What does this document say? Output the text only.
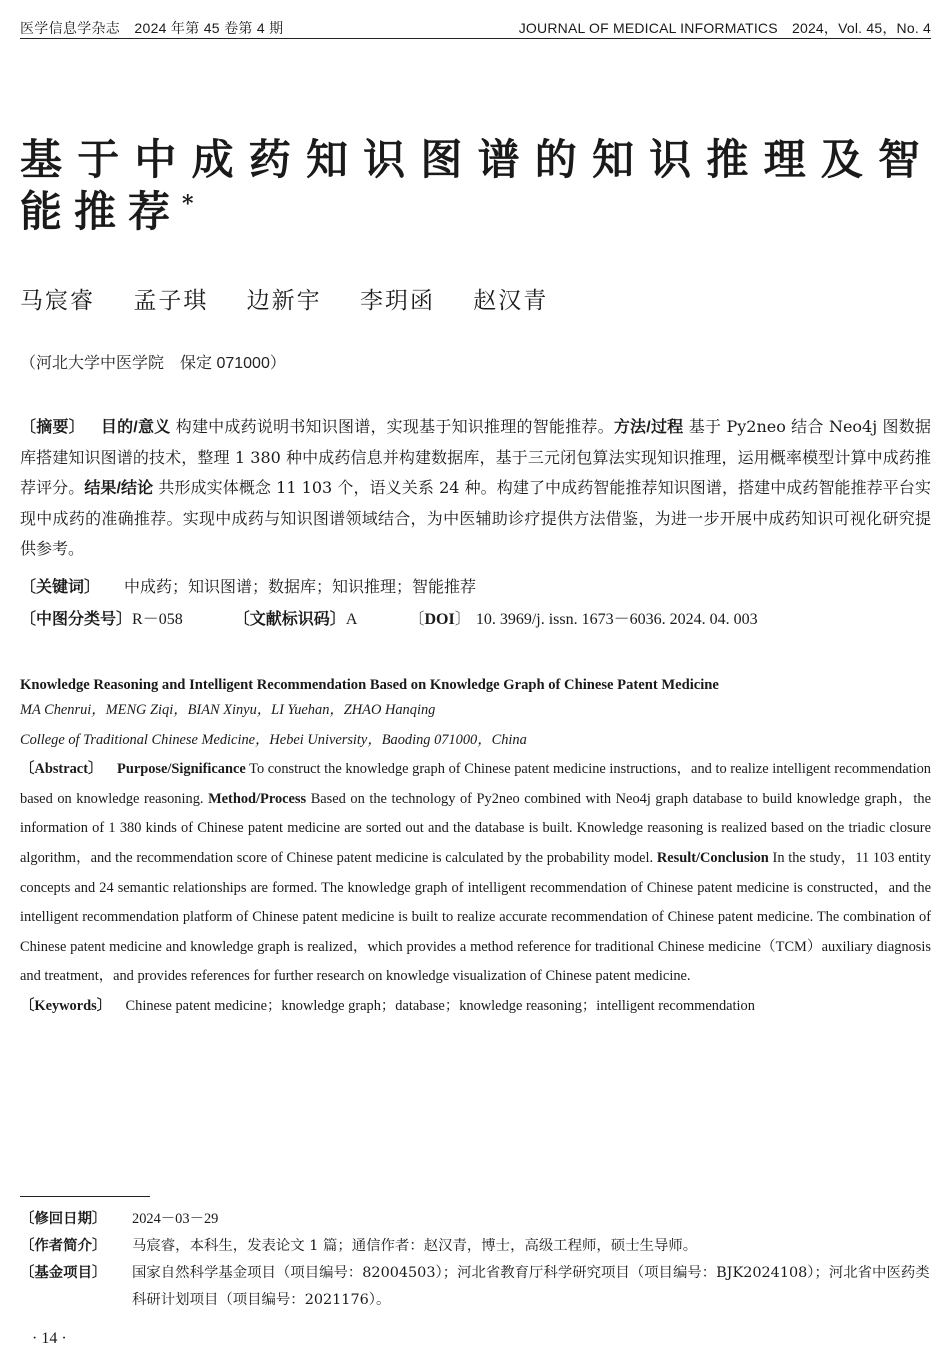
医学信息学杂志　2024 年第 45 卷第 4 期	JOURNAL OF MEDICAL INFORMATICS　2024，Vol. 45，No. 4
基于中成药知识图谱的知识推理及智能推荐*
马宸睿 孟子琪 边新宇 李玥函 赵汉青
（河北大学中医学院　保定 071000）
〔摘要〕 目的/意义 构建中成药说明书知识图谱，实现基于知识推理的智能推荐。方法/过程 基于 Py2neo 结合 Neo4j 图数据库搭建知识图谱的技术，整理 1 380 种中成药信息并构建数据库，基于三元闭包算法实现知识推理，运用概率模型计算中成药推荐评分。结果/结论 共形成实体概念 11 103 个，语义关系 24 种。构建了中成药智能推荐知识图谱，搭建中成药智能推荐平台实现中成药的准确推荐。实现中成药与知识图谱领域结合，为中医辅助诊疗提供方法借鉴，为进一步开展中成药知识可视化研究提供参考。
〔关键词〕 中成药；知识图谱；数据库；知识推理；智能推荐
〔中图分类号〕R－058	〔文献标识码〕A	〔DOI〕 10. 3969/j. issn. 1673－6036. 2024. 04. 003
Knowledge Reasoning and Intelligent Recommendation Based on Knowledge Graph of Chinese Patent Medicine
MA Chenrui，MENG Ziqi，BIAN Xinyu，LI Yuehan，ZHAO Hanqing
College of Traditional Chinese Medicine，Hebei University，Baoding 071000，China
〔Abstract〕 Purpose/Significance To construct the knowledge graph of Chinese patent medicine instructions，and to realize intelligent recommendation based on knowledge reasoning. Method/Process Based on the technology of Py2neo combined with Neo4j graph database to build knowledge graph，the information of 1 380 kinds of Chinese patent medicine are sorted out and the database is built. Knowledge reasoning is realized based on the triadic closure algorithm，and the recommendation score of Chinese patent medicine is calculated by the probability model. Result/Conclusion In the study，11 103 entity concepts and 24 semantic relationships are formed. The knowledge graph of intelligent recommendation of Chinese patent medicine is constructed，and the intelligent recommendation platform of Chinese patent medicine is built to realize accurate recommendation of Chinese patent medicine. The combination of Chinese patent medicine and knowledge graph is realized，which provides a method reference for traditional Chinese medicine（TCM）auxiliary diagnosis and treatment，and provides references for further research on knowledge visualization of Chinese patent medicine.
〔Keywords〕 Chinese patent medicine；knowledge graph；database；knowledge reasoning；intelligent recommendation
〔修回日期〕	2024－03－29
〔作者简介〕	马宸睿，本科生，发表论文 1 篇；通信作者：赵汉青，博士，高级工程师，硕士生导师。
〔基金项目〕	国家自然科学基金项目（项目编号：82004503）；河北省教育厅科学研究项目（项目编号：BJK2024108）；河北省中医药类科研计划项目（项目编号：2021176）。
· 14 ·
